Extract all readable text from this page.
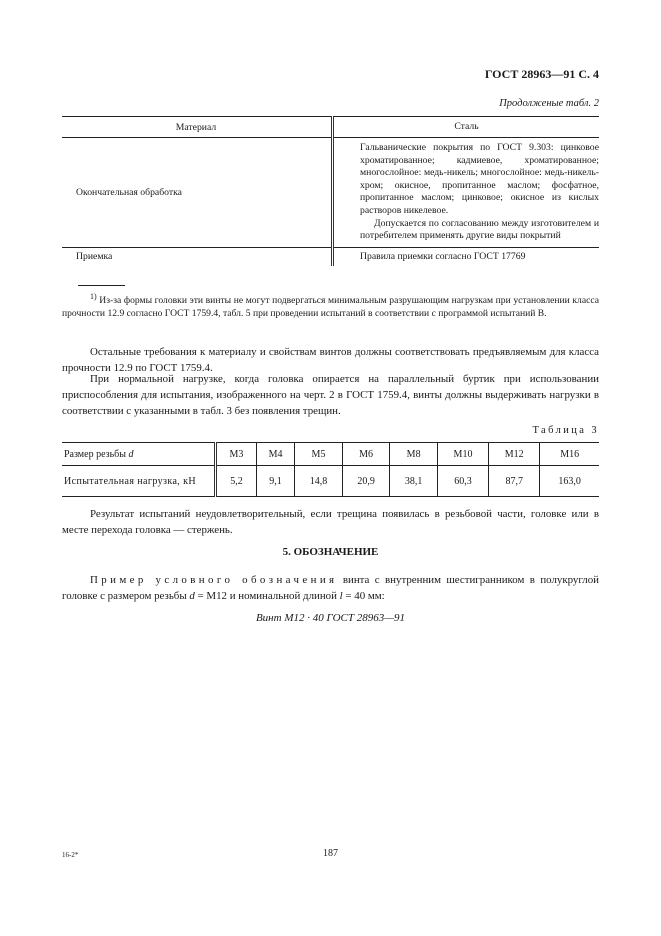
ГОСТ 28963—91 С. 4
Продолженые табл. 2
Материал	Сталь
Окончательная обработка	Гальванические покрытия по ГОСТ 9.303: цинковое хроматированное; кадмиевое, хроматированное; многослойное: медь-никель; многослойное: медь-никель-хром; окисное, пропитанное маслом; фосфатное, пропитанное маслом; цинковое; окисное из кислых растворов никелевое.
Допускается по согласованию между изготовителем и потребителем применять другие виды покрытий

Приемка	Правила приемки согласно ГОСТ 17769
$^{1)}$ Из-за формы головки эти винты не могут подвергаться минимальным разрушающим нагрузкам при установлении класса прочности 12.9 согласно ГОСТ 1759.4, табл. 5 при проведении испытаний в соответствии с программой испытаний В.
Остальные требования к материалу и свойствам винтов должны соответствовать предъявляемым для класса прочности 12.9 по ГОСТ 1759.4.
При нормальной нагрузке, когда головка опирается на параллельный буртик при использовании приспособления для испытания, изображенного на черт. 2 в ГОСТ 1759.4, винты должны выдерживать нагрузки в соответствии с указанными в табл. 3 без появления трещин.
Таблица 3
Размер резьбы d	M3	M4	M5	M6	M8	M10	M12	M16
Испытательная нагрузка, кН	5,2	9,1	14,8	20,9	38,1	60,3	87,7	163,0
Результат испытаний неудовлетворительный, если трещина появилась в резьбовой части, головке или в месте перехода головка — стержень.
5. ОБОЗНАЧЕНИЕ
Пример условного обозначения винта с внутренним шестигранником в полукруглой головке с размером резьбы d = M12 и номинальной длиной l = 40 мм:
Винт М12 · 40 ГОСТ 28963—91
16-2*	187
